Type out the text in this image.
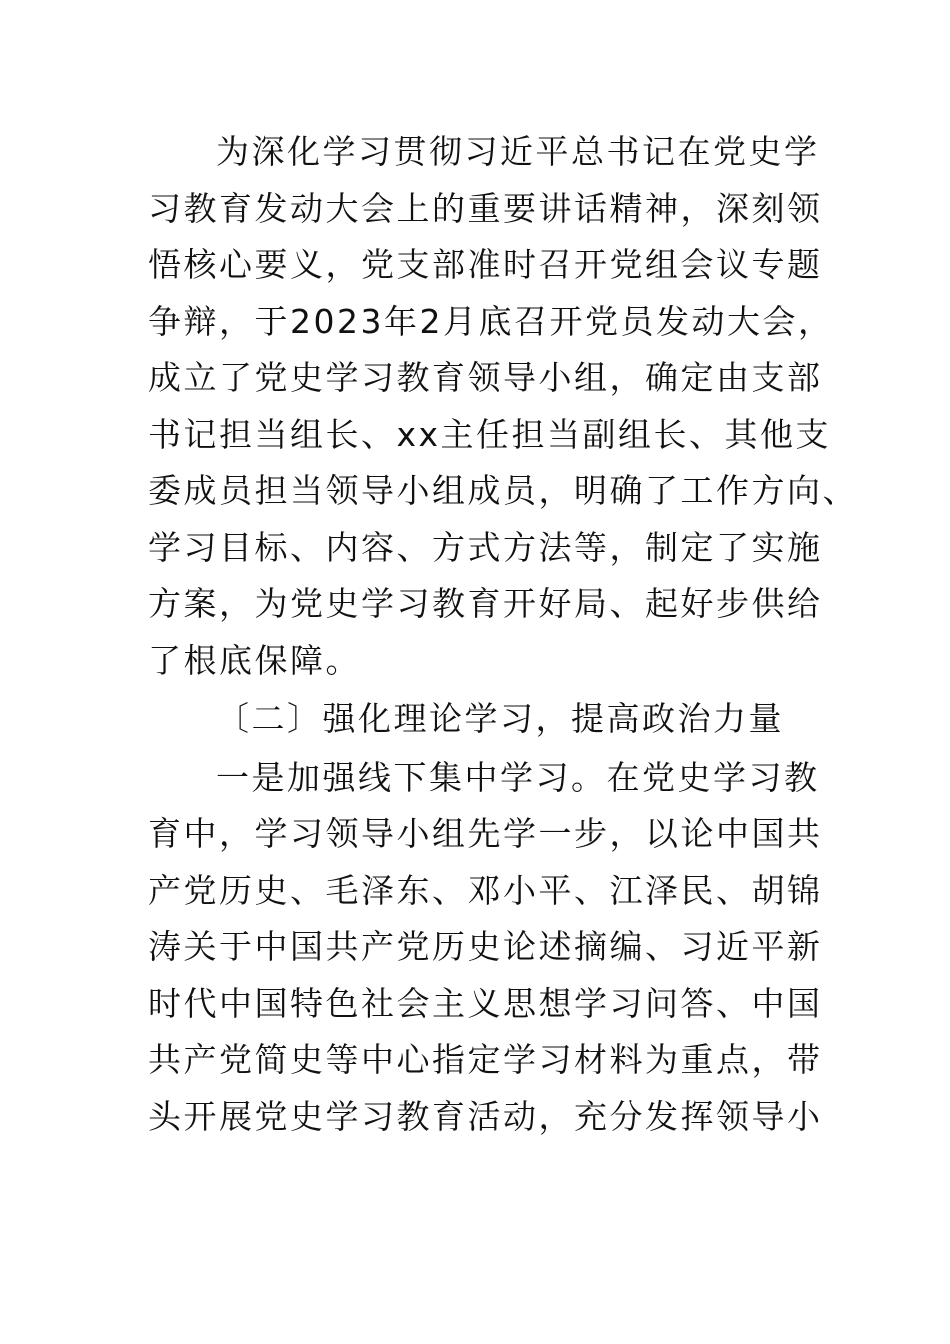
为深化学习贯彻习近平总书记在党史学
习教育发动大会上的重要讲话精神，深刻领
悟核心要义，党支部准时召开党组会议专题
争辩，于2023年2月底召开党员发动大会，
成立了党史学习教育领导小组，确定由支部
书记担当组长、xx主任担当副组长、其他支
委成员担当领导小组成员，明确了工作方向、
学习目标、内容、方式方法等，制定了实施
方案，为党史学习教育开好局、起好步供给
了根底保障。
〔二〕强化理论学习，提高政治力量
一是加强线下集中学习。在党史学习教
育中，学习领导小组先学一步，以论中国共
产党历史、毛泽东、邓小平、江泽民、胡锦
涛关于中国共产党历史论述摘编、习近平新
时代中国特色社会主义思想学习问答、中国
共产党简史等中心指定学习材料为重点，带
头开展党史学习教育活动，充分发挥领导小
